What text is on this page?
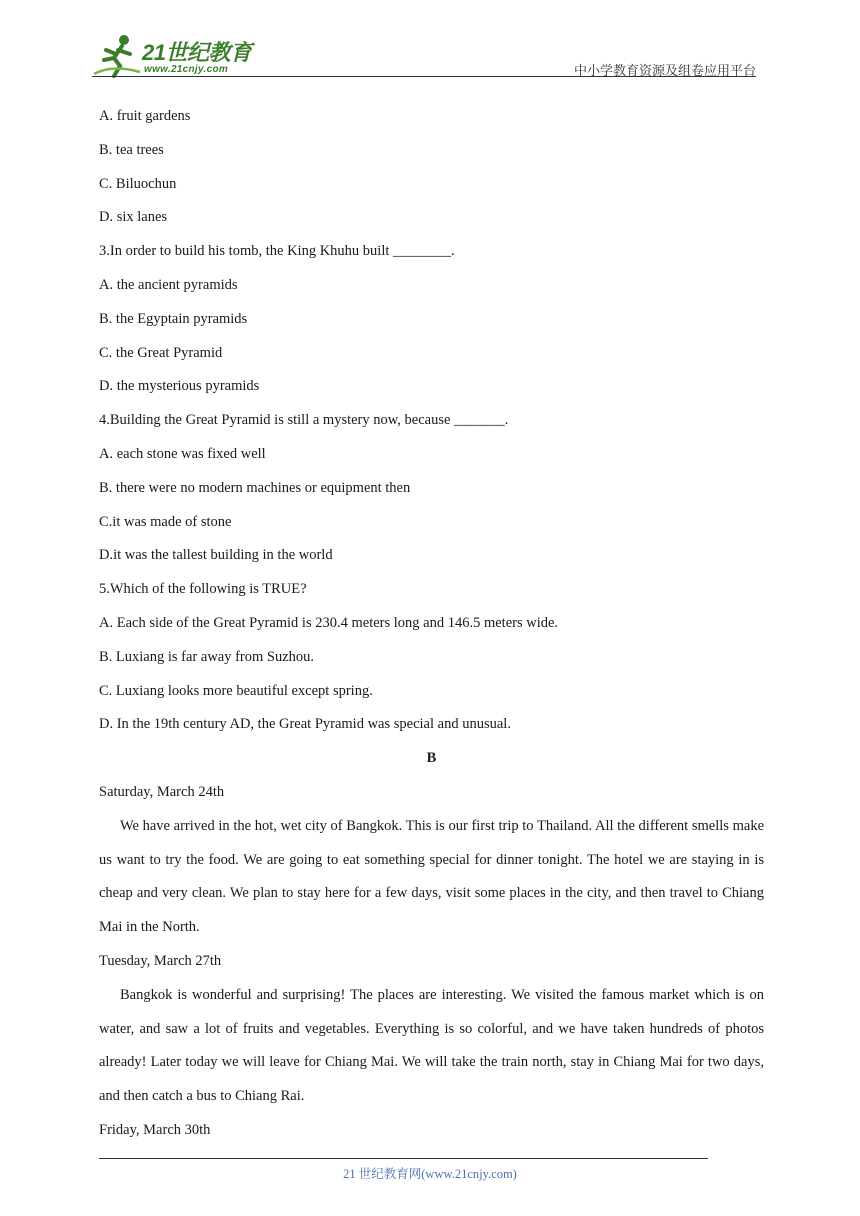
21世纪教育
www.21cnjy.com	中小学教育资源及组卷应用平台
A. fruit gardens
B. tea trees
C. Biluochun
D. six lanes
3.In order to build his tomb, the King Khuhu built ________.
A. the ancient pyramids
B. the Egyptain pyramids
C. the Great Pyramid
D. the mysterious pyramids
4.Building the Great Pyramid is still a mystery now, because _______.
A. each stone was fixed well
B. there were no modern machines or equipment then
C.it was made of stone
D.it was the tallest building in the world
5.Which of the following is TRUE?
A. Each side of the Great Pyramid is 230.4 meters long and 146.5 meters wide.
B. Luxiang is far away from Suzhou.
C. Luxiang looks more beautiful except spring.
D. In the 19th century AD, the Great Pyramid was special and unusual.
B
Saturday, March 24th

We have arrived in the hot, wet city of Bangkok. This is our first trip to Thailand. All the different smells make us want to try the food. We are going to eat something special for dinner tonight. The hotel we are staying in is cheap and very clean. We plan to stay here for a few days, visit some places in the city, and then travel to Chiang Mai in the North.

Tuesday, March 27th

Bangkok is wonderful and surprising! The places are interesting. We visited the famous market which is on water, and saw a lot of fruits and vegetables. Everything is so colorful, and we have taken hundreds of photos already! Later today we will leave for Chiang Mai. We will take the train north, stay in Chiang Mai for two days, and then catch a bus to Chiang Rai.

Friday, March 30th
21 世纪教育网(www.21cnjy.com)
